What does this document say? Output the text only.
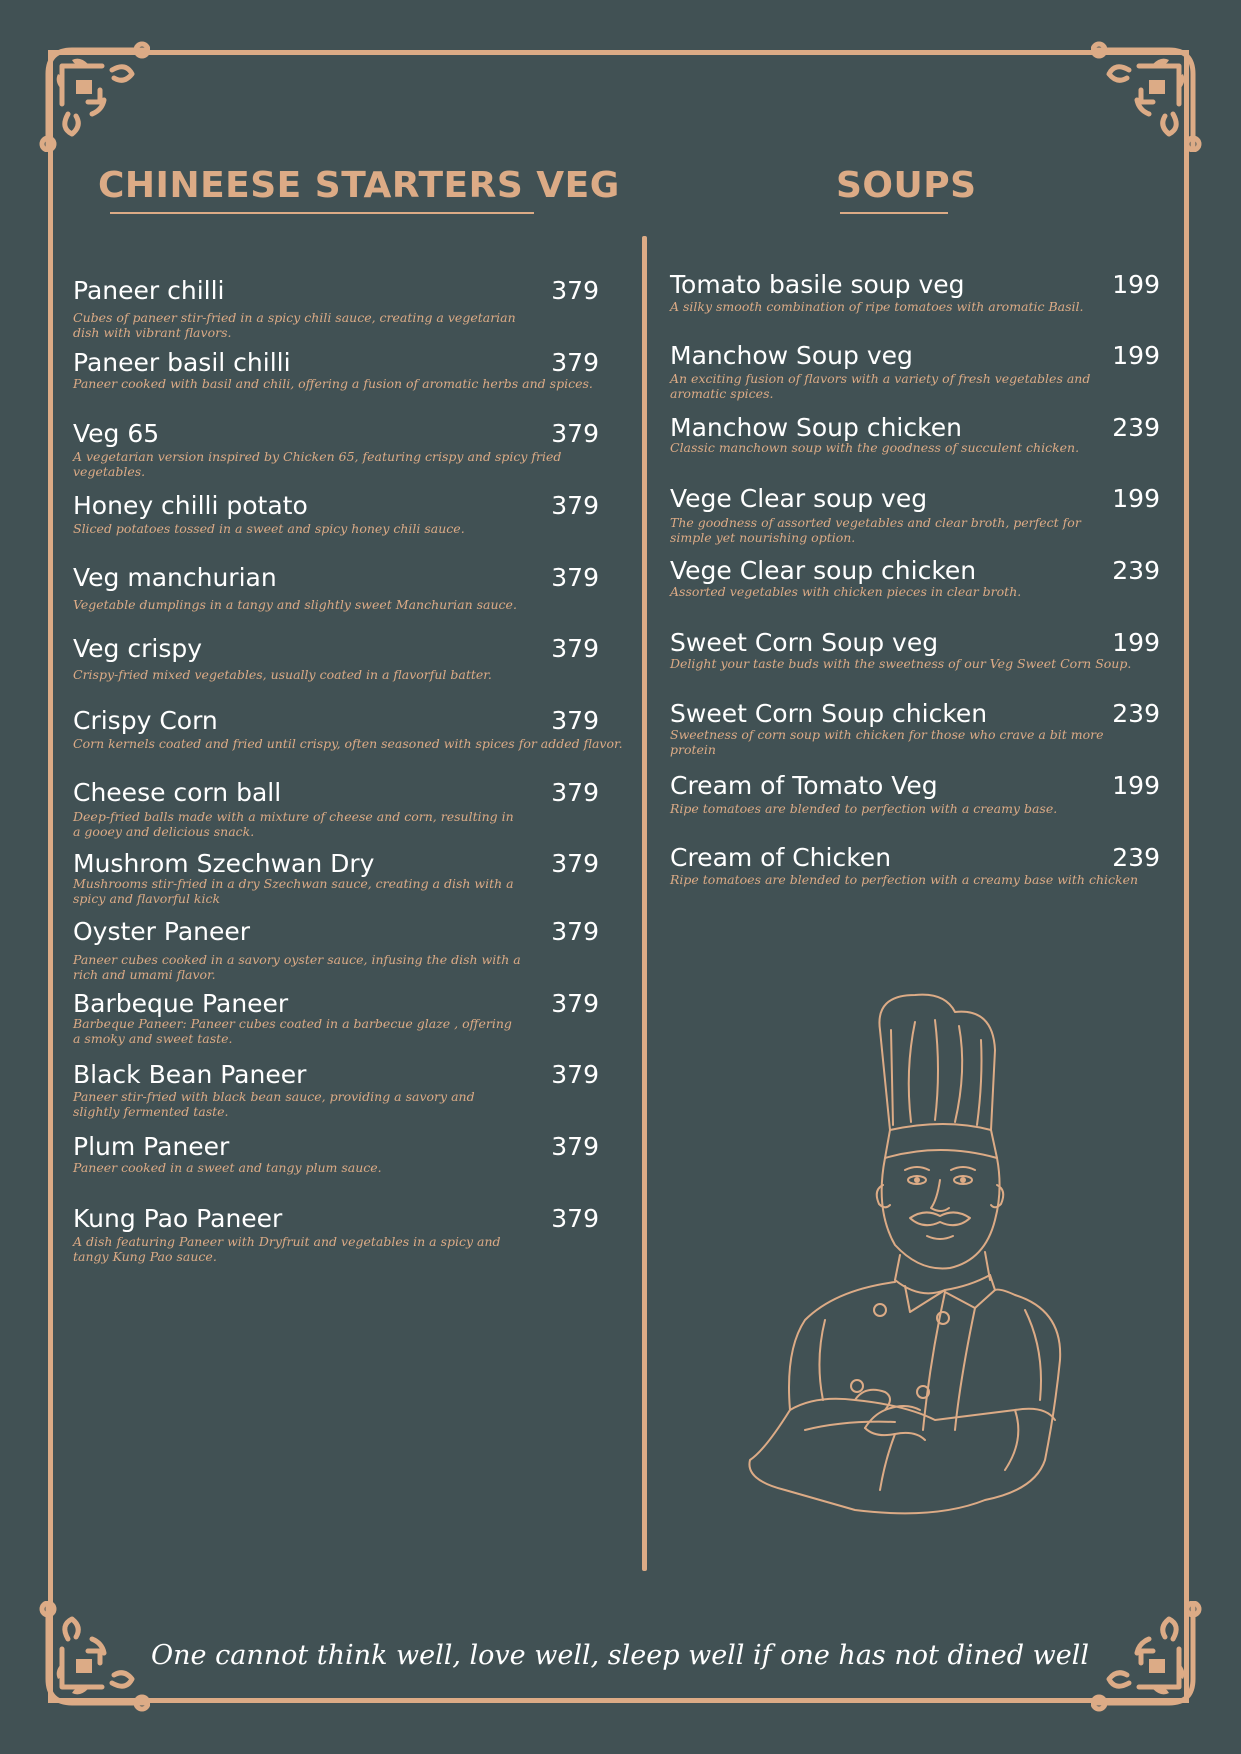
CHINEESE STARTERS VEG	SOUPS
Paneer chilli	379
Cubes of paneer stir-fried in a spicy chili sauce, creating a vegetarian dish with vibrant flavors.
Paneer basil chilli	379
Paneer cooked with basil and chili, offering a fusion of aromatic herbs and spices.
Veg 65	379
A vegetarian version inspired by Chicken 65, featuring crispy and spicy fried vegetables.
Honey chilli potato	379
Sliced potatoes tossed in a sweet and spicy honey chili sauce.
Veg manchurian	379
Vegetable dumplings in a tangy and slightly sweet Manchurian sauce.
Veg crispy	379
Crispy-fried mixed vegetables, usually coated in a flavorful batter.
Crispy Corn	379
Corn kernels coated and fried until crispy, often seasoned with spices for added flavor.
Cheese corn ball	379
Deep-fried balls made with a mixture of cheese and corn, resulting in a gooey and delicious snack.
Mushrom Szechwan Dry	379
Mushrooms stir-fried in a dry Szechwan sauce, creating a dish with a spicy and flavorful kick
Oyster Paneer	379
Paneer cubes cooked in a savory oyster sauce, infusing the dish with a rich and umami flavor.
Barbeque Paneer	379
Barbeque Paneer: Paneer cubes coated in a barbecue glaze , offering a smoky and sweet taste.
Black Bean Paneer	379
Paneer stir-fried with black bean sauce, providing a savory and slightly fermented taste.
Plum Paneer	379
Paneer cooked in a sweet and tangy plum sauce.
Kung Pao Paneer	379
A dish featuring Paneer with Dryfruit and vegetables in a spicy and tangy Kung Pao sauce.
Tomato basile soup veg	199
A silky smooth combination of ripe tomatoes with aromatic Basil.
Manchow Soup veg	199
An exciting fusion of flavors with a variety of fresh vegetables and aromatic spices.
Manchow Soup chicken	239
Classic manchown soup with the goodness of succulent chicken.
Vege Clear soup veg	199
The goodness of assorted vegetables and clear broth, perfect for simple yet nourishing option.
Vege Clear soup chicken	239
Assorted vegetables with chicken pieces in clear broth.
Sweet Corn Soup veg	199
Delight your taste buds with the sweetness of our Veg Sweet Corn Soup.
Sweet Corn Soup chicken	239
Sweetness of corn soup with chicken for those who crave a bit more protein
Cream of Tomato Veg	199
Ripe tomatoes are blended to perfection with a creamy base.
Cream of Chicken	239
Ripe tomatoes are blended to perfection with a creamy base with chicken
One cannot think well, love well, sleep well if one has not dined well
